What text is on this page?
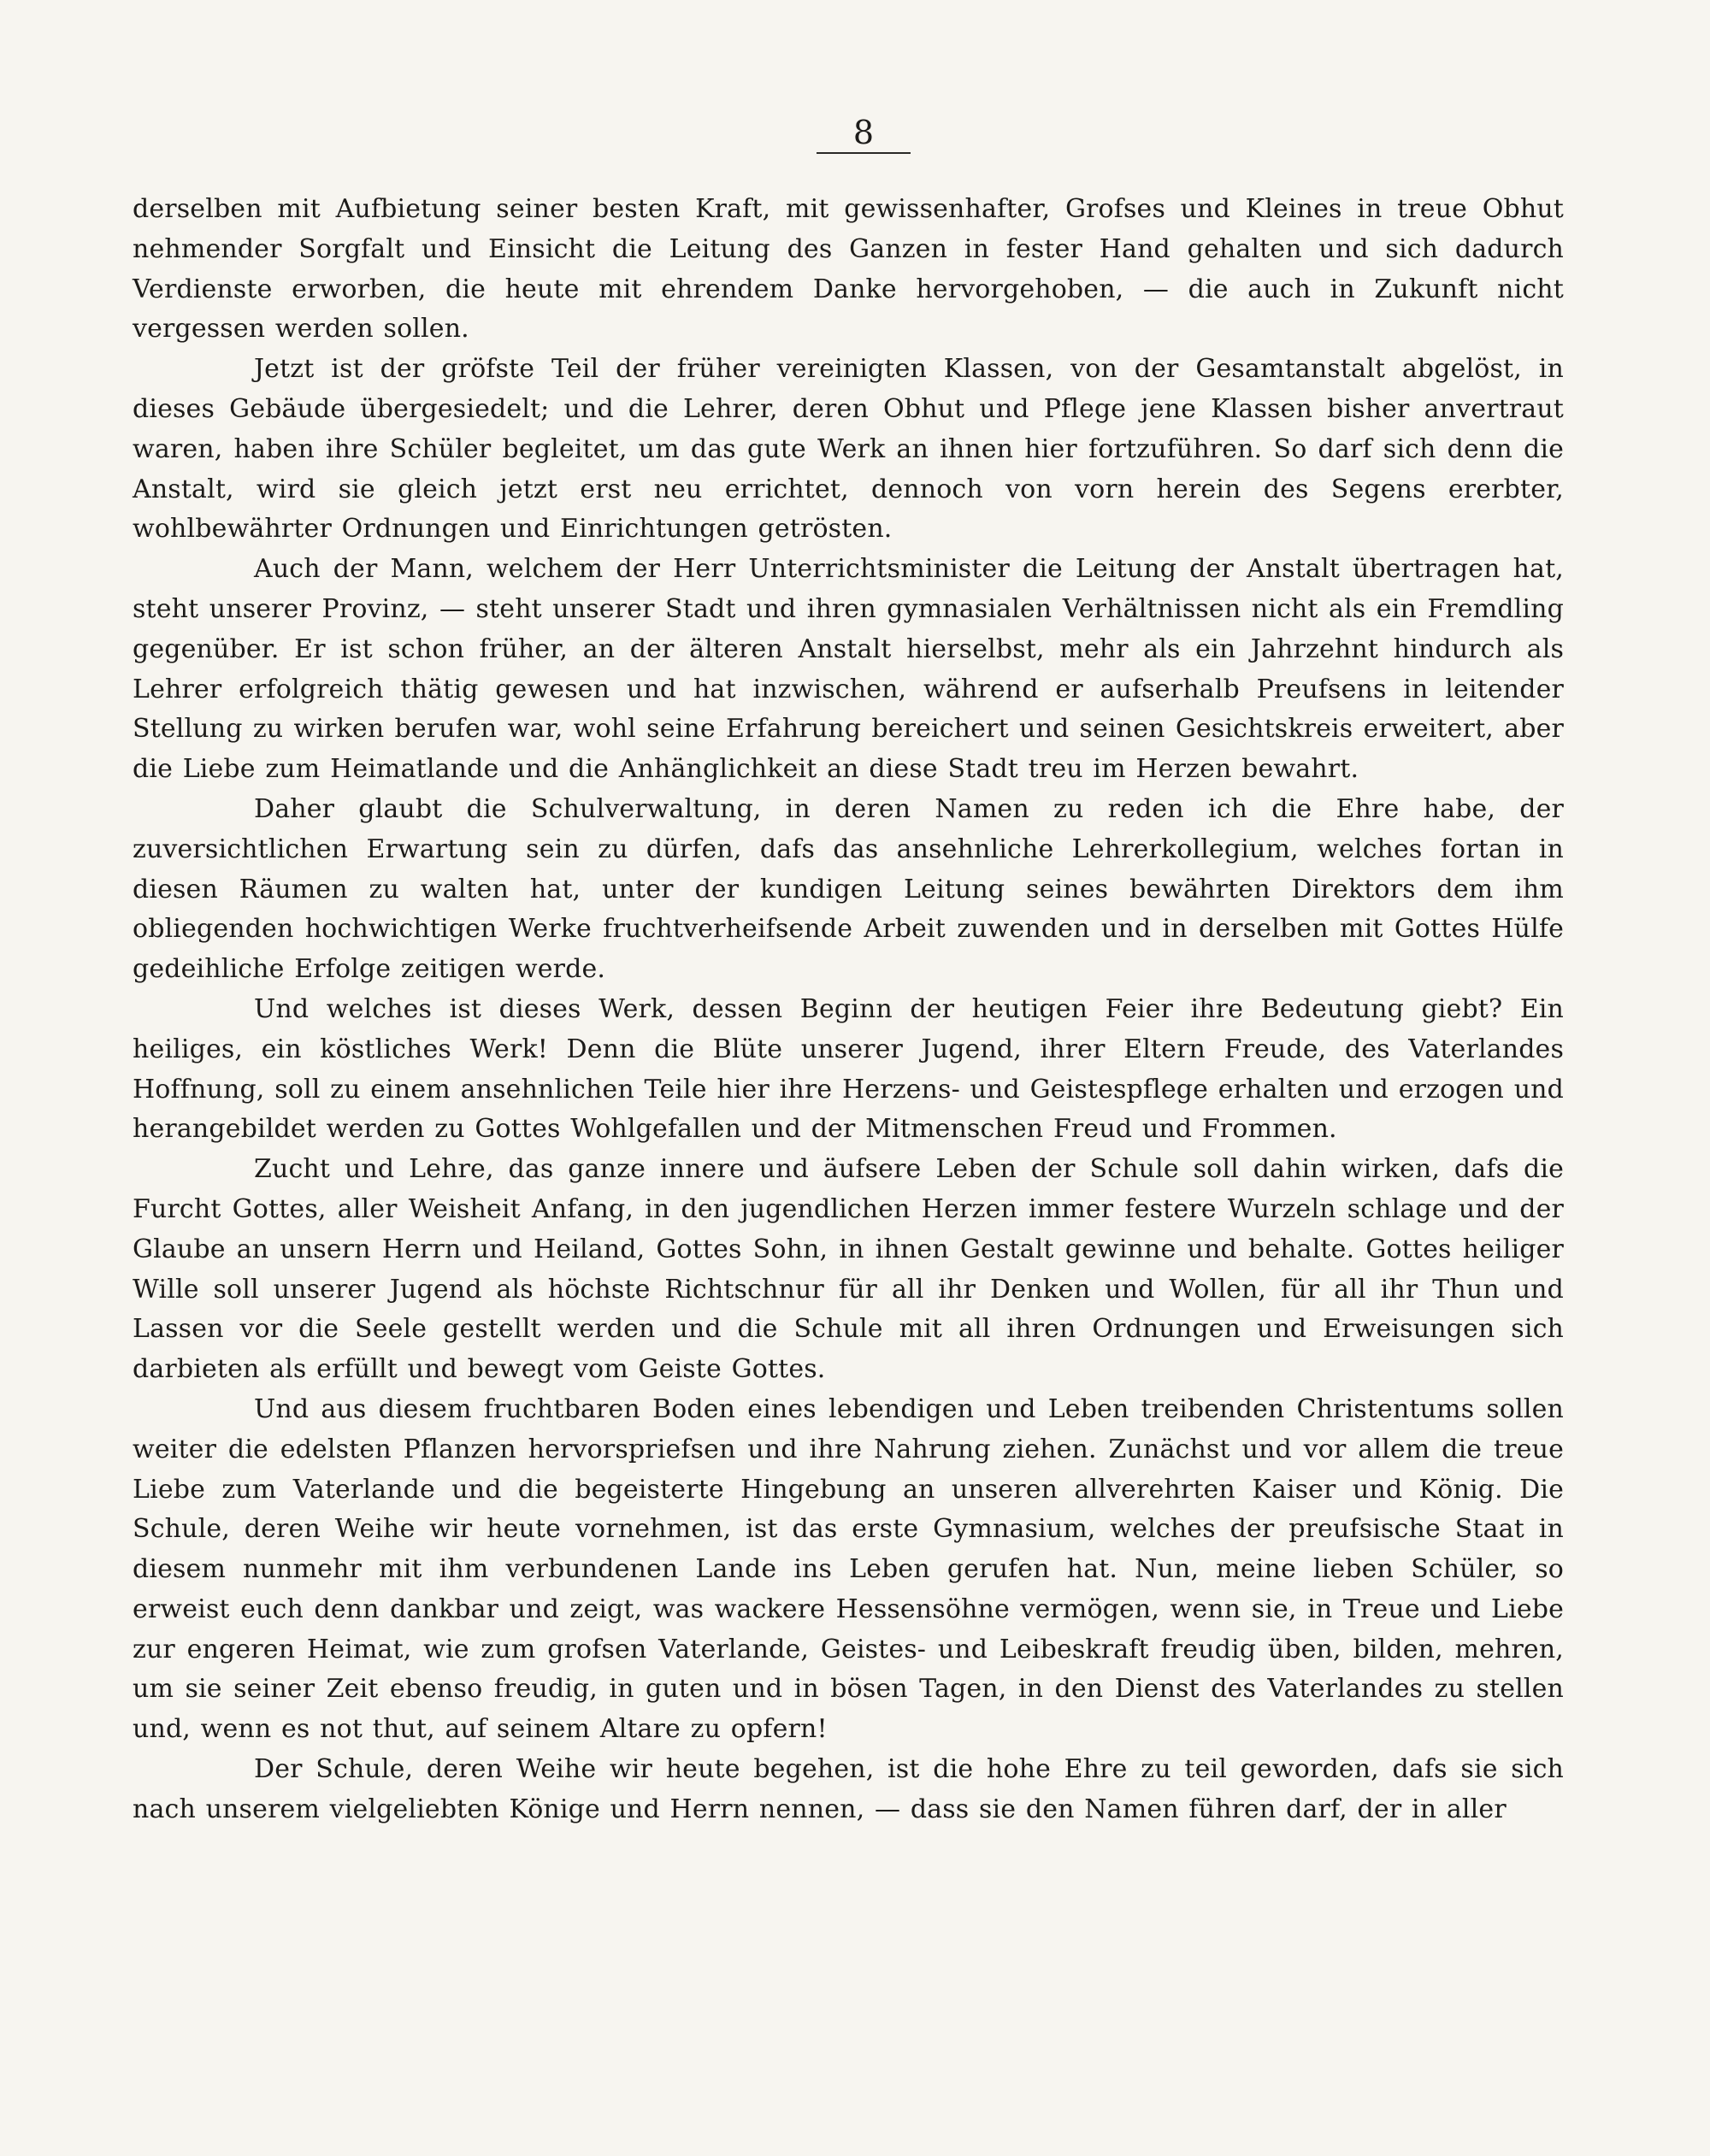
8

derselben mit Aufbietung seiner besten Kraft, mit gewissenhafter, Grofses und Kleines in treue Obhut nehmender Sorgfalt und Einsicht die Leitung des Ganzen in fester Hand gehalten und sich dadurch Verdienste erworben, die heute mit ehrendem Danke hervorgehoben, — die auch in Zukunft nicht vergessen werden sollen.

Jetzt ist der gröfste Teil der früher vereinigten Klassen, von der Gesamtanstalt abgelöst, in dieses Gebäude übergesiedelt; und die Lehrer, deren Obhut und Pflege jene Klassen bisher anvertraut waren, haben ihre Schüler begleitet, um das gute Werk an ihnen hier fortzuführen. So darf sich denn die Anstalt, wird sie gleich jetzt erst neu errichtet, dennoch von vorn herein des Segens ererbter, wohlbewährter Ordnungen und Einrichtungen getrösten.

Auch der Mann, welchem der Herr Unterrichtsminister die Leitung der Anstalt übertragen hat, steht unserer Provinz, — steht unserer Stadt und ihren gymnasialen Verhältnissen nicht als ein Fremdling gegenüber. Er ist schon früher, an der älteren Anstalt hierselbst, mehr als ein Jahrzehnt hindurch als Lehrer erfolgreich thätig gewesen und hat inzwischen, während er aufserhalb Preufsens in leitender Stellung zu wirken berufen war, wohl seine Erfahrung bereichert und seinen Gesichtskreis erweitert, aber die Liebe zum Heimatlande und die Anhänglichkeit an diese Stadt treu im Herzen bewahrt.

Daher glaubt die Schulverwaltung, in deren Namen zu reden ich die Ehre habe, der zuversichtlichen Erwartung sein zu dürfen, dafs das ansehnliche Lehrerkollegium, welches fortan in diesen Räumen zu walten hat, unter der kundigen Leitung seines bewährten Direktors dem ihm obliegenden hochwichtigen Werke fruchtverheifsende Arbeit zuwenden und in derselben mit Gottes Hülfe gedeihliche Erfolge zeitigen werde.

Und welches ist dieses Werk, dessen Beginn der heutigen Feier ihre Bedeutung giebt? Ein heiliges, ein köstliches Werk! Denn die Blüte unserer Jugend, ihrer Eltern Freude, des Vaterlandes Hoffnung, soll zu einem ansehnlichen Teile hier ihre Herzens- und Geistespflege erhalten und erzogen und herangebildet werden zu Gottes Wohlgefallen und der Mitmenschen Freud und Frommen.

Zucht und Lehre, das ganze innere und äufsere Leben der Schule soll dahin wirken, dafs die Furcht Gottes, aller Weisheit Anfang, in den jugendlichen Herzen immer festere Wurzeln schlage und der Glaube an unsern Herrn und Heiland, Gottes Sohn, in ihnen Gestalt gewinne und behalte. Gottes heiliger Wille soll unserer Jugend als höchste Richtschnur für all ihr Denken und Wollen, für all ihr Thun und Lassen vor die Seele gestellt werden und die Schule mit all ihren Ordnungen und Erweisungen sich darbieten als erfüllt und bewegt vom Geiste Gottes.

Und aus diesem fruchtbaren Boden eines lebendigen und Leben treibenden Christentums sollen weiter die edelsten Pflanzen hervorspriefsen und ihre Nahrung ziehen. Zunächst und vor allem die treue Liebe zum Vaterlande und die begeisterte Hingebung an unseren allverehrten Kaiser und König. Die Schule, deren Weihe wir heute vornehmen, ist das erste Gymnasium, welches der preufsische Staat in diesem nunmehr mit ihm verbundenen Lande ins Leben gerufen hat. Nun, meine lieben Schüler, so erweist euch denn dankbar und zeigt, was wackere Hessensöhne vermögen, wenn sie, in Treue und Liebe zur engeren Heimat, wie zum grofsen Vaterlande, Geistes- und Leibeskraft freudig üben, bilden, mehren, um sie seiner Zeit ebenso freudig, in guten und in bösen Tagen, in den Dienst des Vaterlandes zu stellen und, wenn es not thut, auf seinem Altare zu opfern!

Der Schule, deren Weihe wir heute begehen, ist die hohe Ehre zu teil geworden, dafs sie sich nach unserem vielgeliebten Könige und Herrn nennen, — dass sie den Namen führen darf, der in aller
